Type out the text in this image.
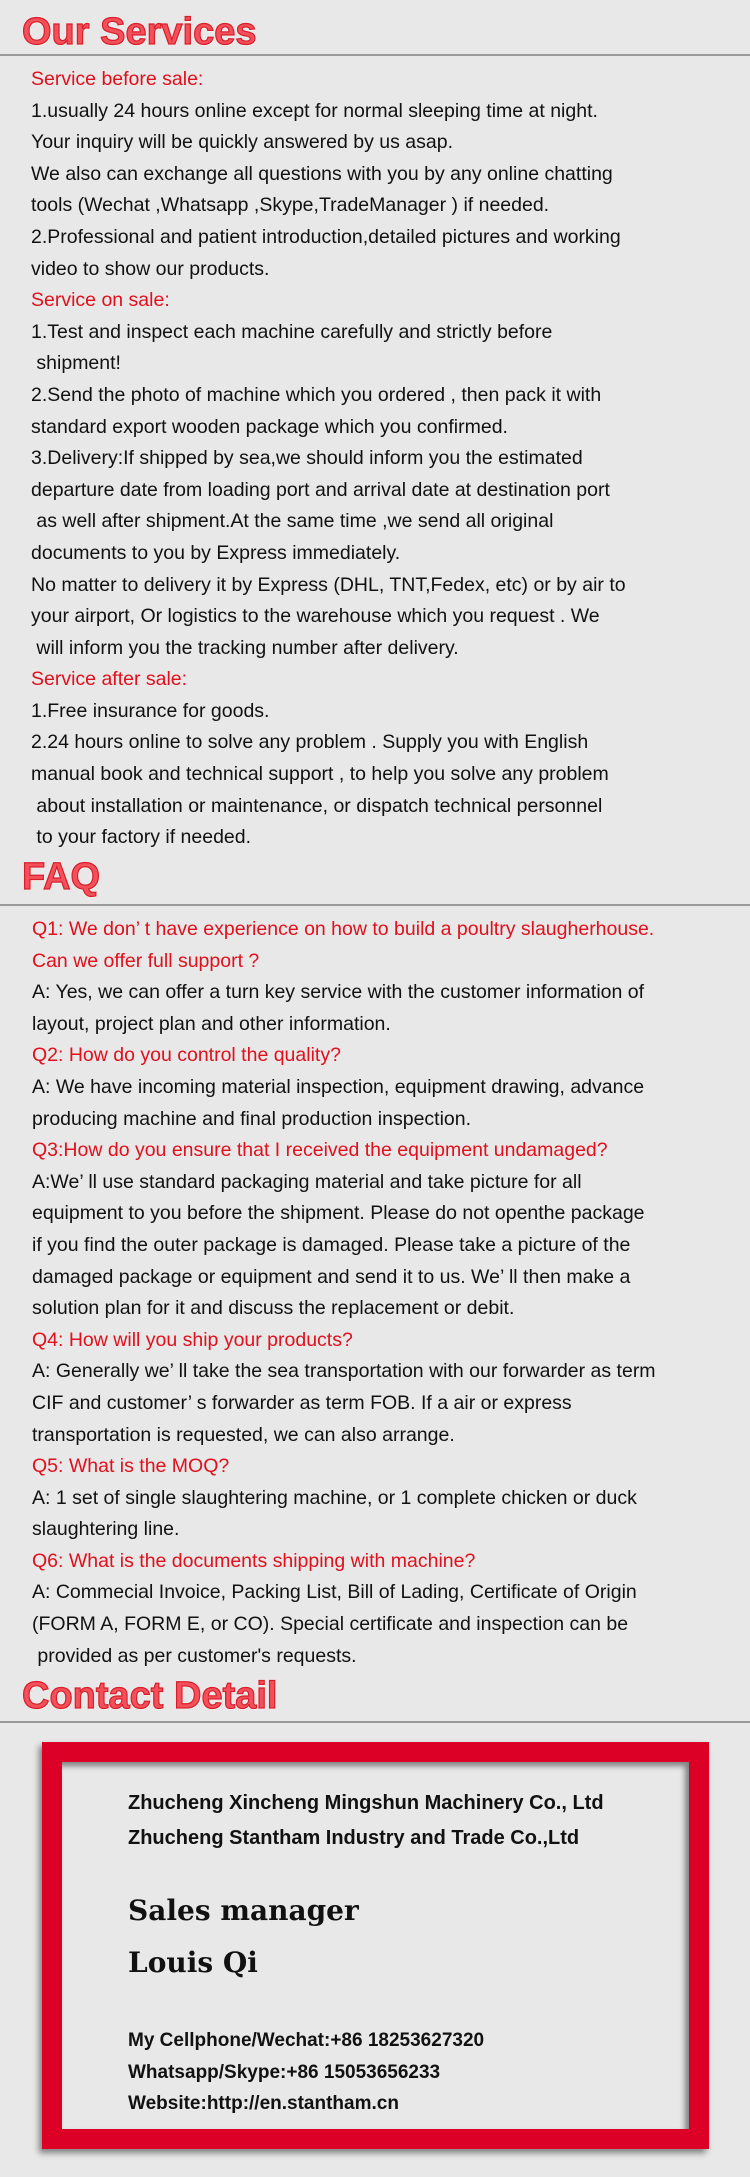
Our Services
Service before sale:
1.usually 24 hours online except for normal sleeping time at night.
Your inquiry will be quickly answered by us asap.
We also can exchange all questions with you by any online chatting
tools (Wechat ,Whatsapp ,Skype,TradeManager ) if needed.
2.Professional and patient introduction,detailed pictures and working
video to show our products.
Service on sale:
1.Test and inspect each machine carefully and strictly before
shipment!
2.Send the photo of machine which you ordered , then pack it with
standard export wooden package which you confirmed.
3.Delivery:If shipped by sea,we should inform you the estimated
departure date from loading port and arrival date at destination port
as well after shipment.At the same time ,we send all original
documents to you by Express immediately.
No matter to delivery it by Express (DHL, TNT,Fedex, etc) or by air to
your airport, Or logistics to the warehouse which you request . We
will inform you the tracking number after delivery.
Service after sale:
1.Free insurance for goods.
2.24 hours online to solve any problem . Supply you with English
manual book and technical support , to help you solve any problem
about installation or maintenance, or dispatch technical personnel
to your factory if needed.
FAQ
Q1: We don’ t have experience on how to build a poultry slaugherhouse.
Can we offer full support ?
A: Yes, we can offer a turn key service with the customer information of
layout, project plan and other information.
Q2: How do you control the quality?
A: We have incoming material inspection, equipment drawing, advance
producing machine and final production inspection.
Q3:How do you ensure that I received the equipment undamaged?
A:We’ ll use standard packaging material and take picture for all
equipment to you before the shipment. Please do not openthe package
if you find the outer package is damaged. Please take a picture of the
damaged package or equipment and send it to us. We’ ll then make a
solution plan for it and discuss the replacement or debit.
Q4: How will you ship your products?
A: Generally we’ ll take the sea transportation with our forwarder as term
CIF and customer’ s forwarder as term FOB. If a air or express
transportation is requested, we can also arrange.
Q5: What is the MOQ?
A: 1 set of single slaughtering machine, or 1 complete chicken or duck
slaughtering line.
Q6: What is the documents shipping with machine?
A: Commecial Invoice, Packing List, Bill of Lading, Certificate of Origin
(FORM A, FORM E, or CO). Special certificate and inspection can be
provided as per customer's requests.
Contact Detail
Zhucheng Xincheng Mingshun Machinery Co., Ltd
Zhucheng Stantham Industry and Trade Co.,Ltd
Sales manager
Louis Qi
My Cellphone/Wechat:+86 18253627320
Whatsapp/Skype:+86 15053656233
Website:http://en.stantham.cn
